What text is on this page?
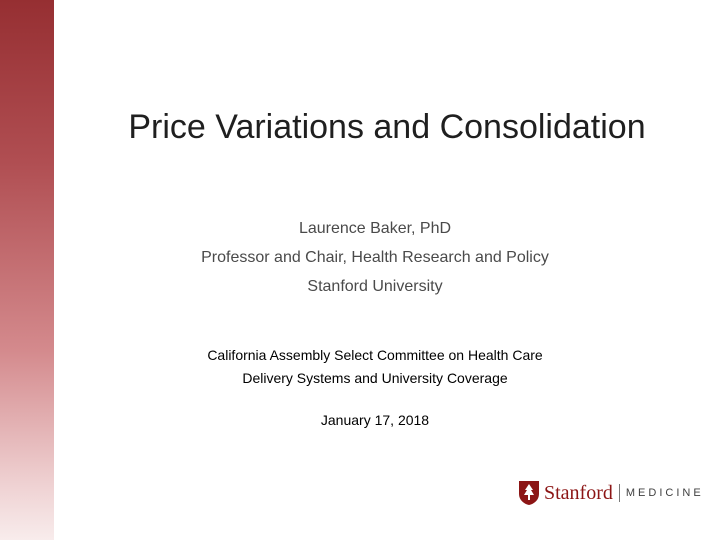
Price Variations and Consolidation
Laurence Baker, PhD
Professor and Chair, Health Research and Policy
Stanford University
California Assembly Select Committee on Health Care
Delivery Systems and University Coverage
January 17, 2018
Stanford MEDICINE
